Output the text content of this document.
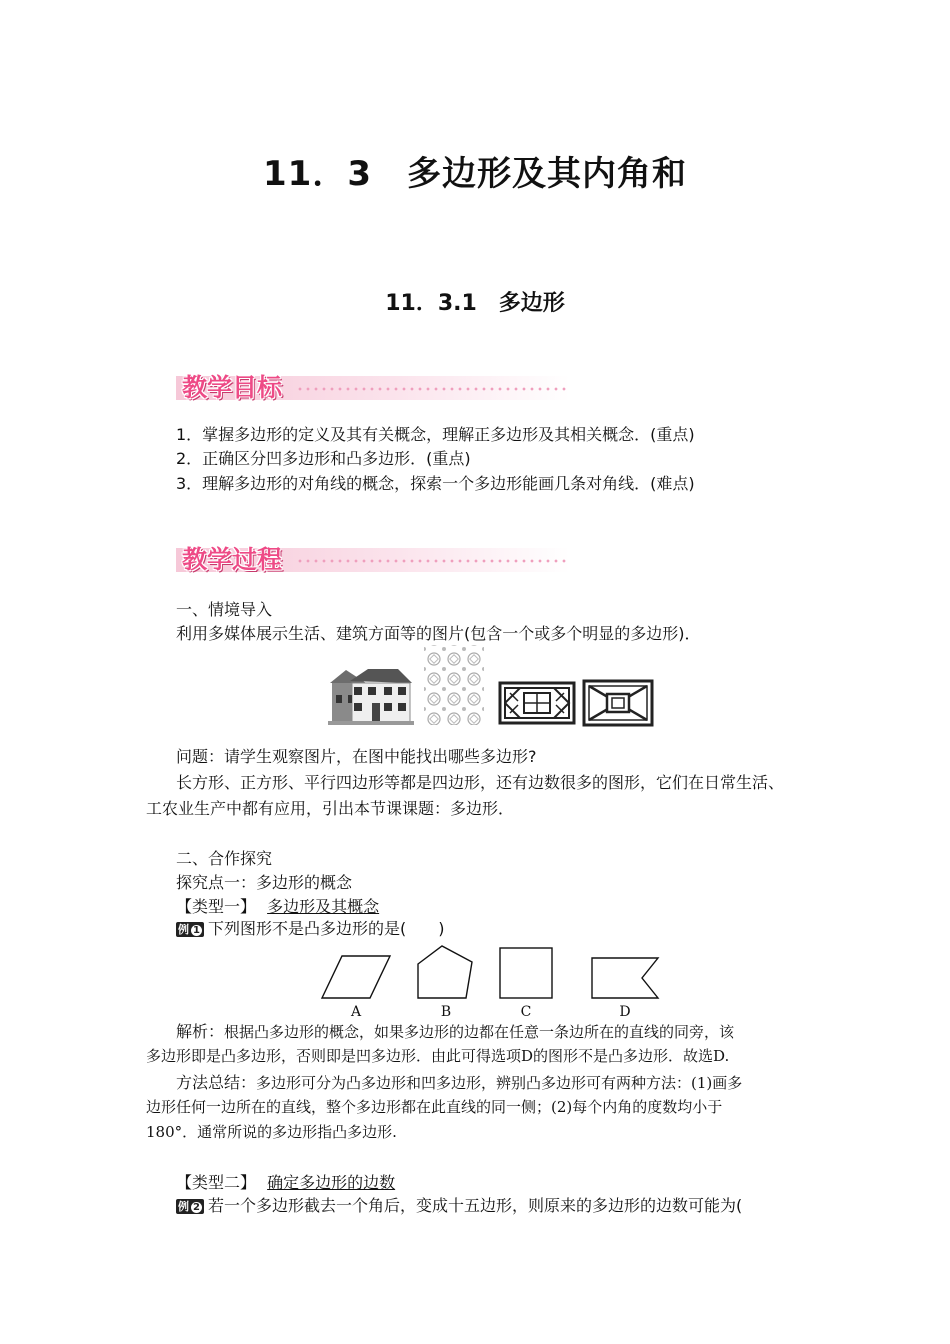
11．3　多边形及其内角和
11．3.1　多边形
教学目标
1．掌握多边形的定义及其有关概念，理解正多边形及其相关概念．(重点)
2．正确区分凹多边形和凸多边形．(重点)
3．理解多边形的对角线的概念，探索一个多边形能画几条对角线．(难点)
教学过程
一、情境导入
利用多媒体展示生活、建筑方面等的图片(包含一个或多个明显的多边形)．
问题：请学生观察图片，在图中能找出哪些多边形?
长方形、正方形、平行四边形等都是四边形，还有边数很多的图形，它们在日常生活、
工农业生产中都有应用，引出本节课课题：多边形．
二、合作探究
探究点一：多边形的概念
【类型一】 多边形及其概念
例 1 下列图形不是凸多边形的是(　　)
A	B	C	D
解析：根据凸多边形的概念，如果多边形的边都在任意一条边所在的直线的同旁，该
多边形即是凸多边形，否则即是凹多边形．由此可得选项D的图形不是凸多边形．故选D.
方法总结：多边形可分为凸多边形和凹多边形，辨别凸多边形可有两种方法：(1)画多
边形任何一边所在的直线，整个多边形都在此直线的同一侧；(2)每个内角的度数均小于
180°．通常所说的多边形指凸多边形.
【类型二】 确定多边形的边数
例 2 若一个多边形截去一个角后，变成十五边形，则原来的多边形的边数可能为(
